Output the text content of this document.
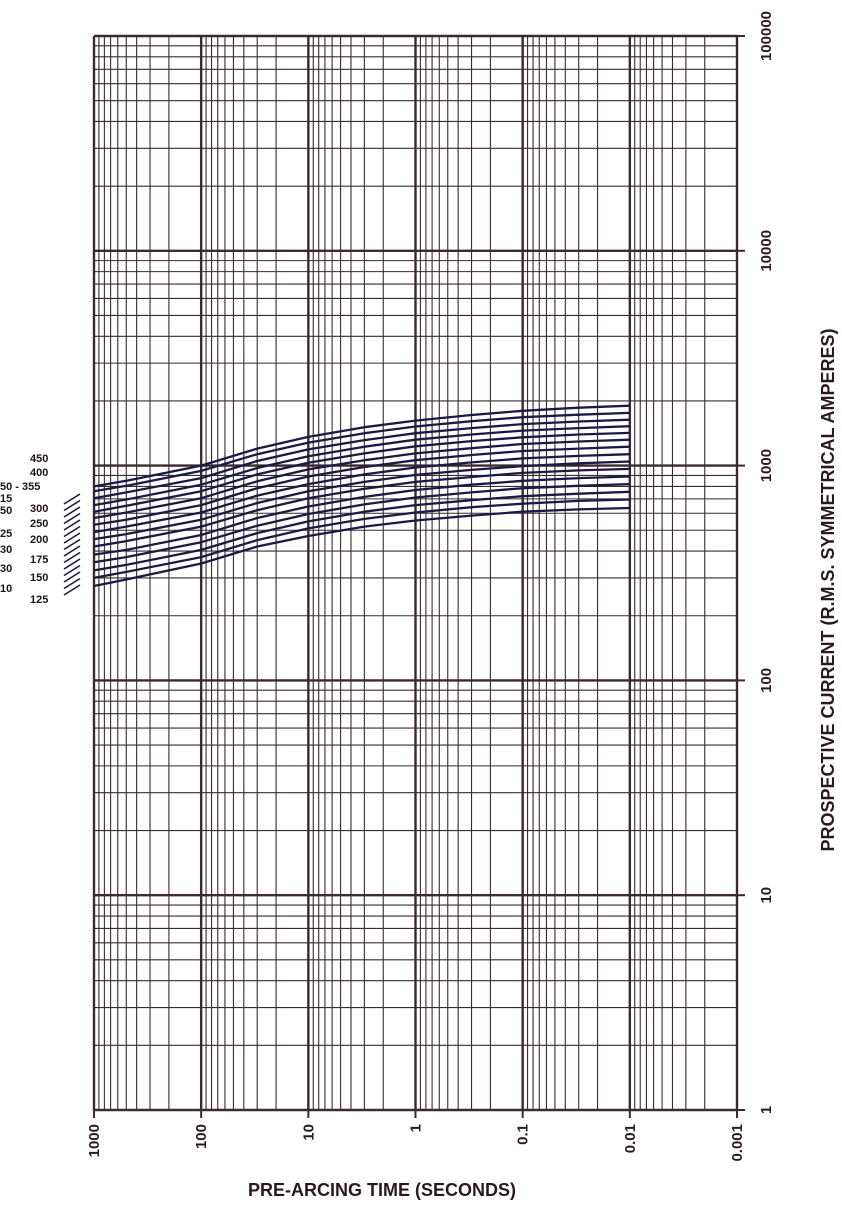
450
400
50 - 355
15
50 300
250
25 200
30
175
30
150
10
125
1000	100	10	1	0.1	0.01	0.001
1
10
100
1000
10000
100000
PRE-ARCING TIME (SECONDS)
PROSPECTIVE CURRENT (R.M.S. SYMMETRICAL AMPERES)
